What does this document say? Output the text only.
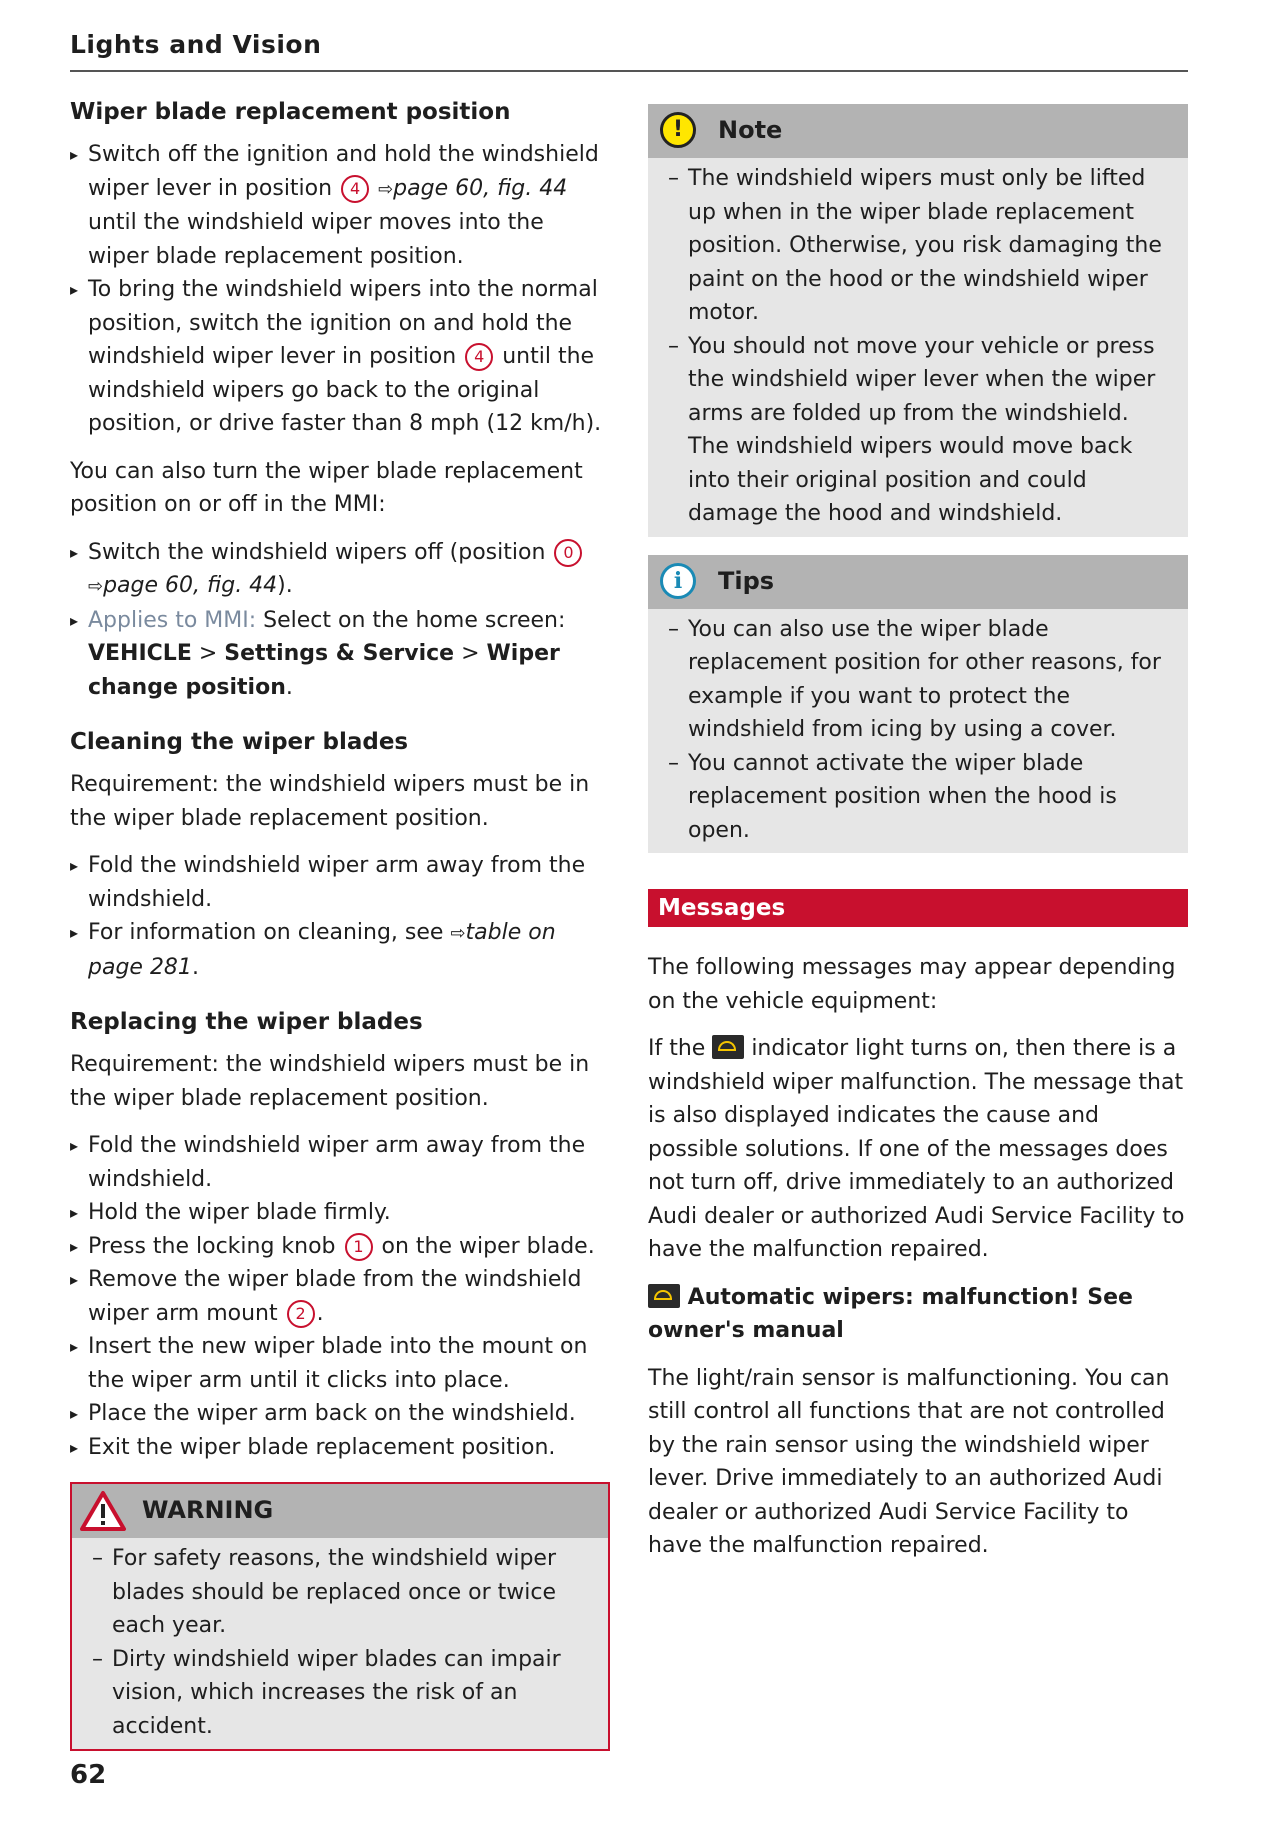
Lights and Vision
Wiper blade replacement position
▸ Switch off the ignition and hold the windshield wiper lever in position 4 ⇨page 60, fig. 44 until the windshield wiper moves into the wiper blade replacement position.
▸ To bring the windshield wipers into the normal position, switch the ignition on and hold the windshield wiper lever in position 4 until the windshield wipers go back to the original position, or drive faster than 8 mph (12 km/h).

You can also turn the wiper blade replacement position on or off in the MMI:

▸ Switch the windshield wipers off (position 0
⇨page 60, fig. 44).
▸ Applies to MMI: Select on the home screen: VEHICLE > Settings & Service > Wiper change position.
Cleaning the wiper blades

Requirement: the windshield wipers must be in the wiper blade replacement position.

▸ Fold the windshield wiper arm away from the windshield.
▸ For information on cleaning, see ⇨table on page 281.
Replacing the wiper blades

Requirement: the windshield wipers must be in the wiper blade replacement position.

▸ Fold the windshield wiper arm away from the windshield.
▸ Hold the wiper blade firmly.
▸ Press the locking knob 1 on the wiper blade.
▸ Remove the wiper blade from the windshield wiper arm mount 2 .
▸ Insert the new wiper blade into the mount on the wiper arm until it clicks into place.
▸ Place the wiper arm back on the windshield.
▸ Exit the wiper blade replacement position.
WARNING
– For safety reasons, the windshield wiper blades should be replaced once or twice each year.
– Dirty windshield wiper blades can impair vision, which increases the risk of an accident.
!	Note
– The windshield wipers must only be lifted up when in the wiper blade replacement position. Otherwise, you risk damaging the paint on the hood or the windshield wiper motor.
– You should not move your vehicle or press the windshield wiper lever when the wiper arms are folded up from the windshield. The windshield wipers would move back into their original position and could damage the hood and windshield.
i	Tips
– You can also use the wiper blade replacement position for other reasons, for example if you want to protect the windshield from icing by using a cover.
– You cannot activate the wiper blade replacement position when the hood is open.
Messages

The following messages may appear depending on the vehicle equipment:

If the  indicator light turns on, then there is a windshield wiper malfunction. The message that is also displayed indicates the cause and possible solutions. If one of the messages does not turn off, drive immediately to an authorized Audi dealer or authorized Audi Service Facility to have the malfunction repaired.

Automatic wipers: malfunction! See owner's manual

The light/rain sensor is malfunctioning. You can still control all functions that are not controlled by the rain sensor using the windshield wiper lever. Drive immediately to an authorized Audi dealer or authorized Audi Service Facility to have the malfunction repaired.

62
